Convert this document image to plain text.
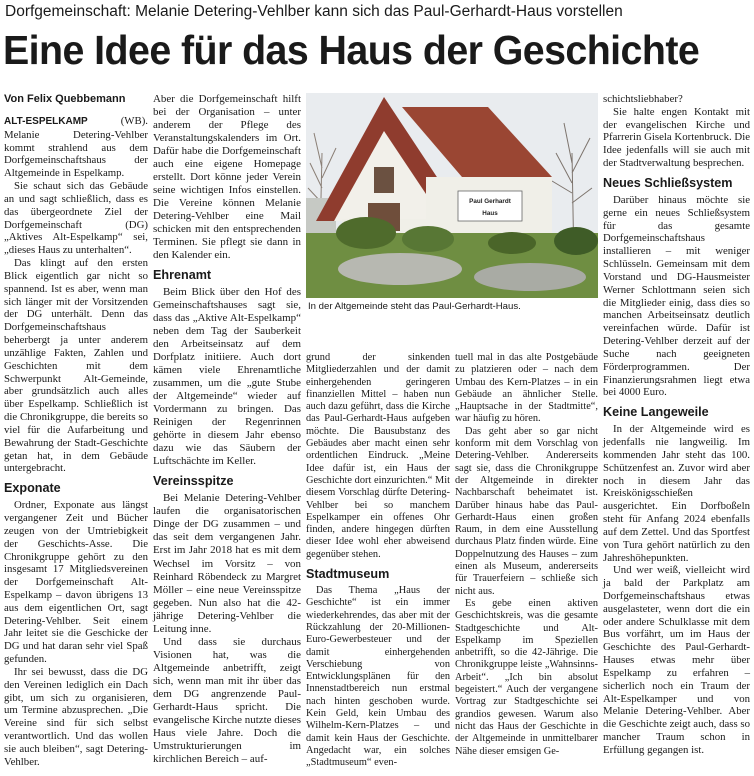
Dorfgemeinschaft: Melanie Detering-Vehlber kann sich das Paul-Gerhardt-Haus vorstellen
Eine Idee für das Haus der Geschichte
Von Felix Quebbemann

ALT-ESPELKAMP (WB). Melanie Detering-Vehlber kommt strahlend aus dem Dorfgemeinschaftshaus der Altgemeinde in Espelkamp.

Sie schaut sich das Gebäude an und sagt schließlich, dass es das übergeordnete Ziel der Dorfgemeinschaft (DG) „Aktives Alt-Espelkamp“ sei, „dieses Haus zu unterhalten“.

Das klingt auf den ersten Blick eigentlich gar nicht so spannend. Ist es aber, wenn man sich länger mit der Vorsitzenden der DG unterhält. Denn das Dorfgemeinschaftshaus beherbergt ja unter anderem unzählige Fakten, Zahlen und Geschichten mit dem Schwerpunkt Alt-Gemeinde, aber grundsätzlich auch alles über Espelkamp. Schließlich ist die Chronikgruppe, die bereits so viel für die Aufarbeitung und Bewahrung der Stadt-Geschichte getan hat, in dem Gebäude untergebracht.

Exponate

Ordner, Exponate aus längst vergangener Zeit und Bücher zeugen von der Umtriebigkeit der Geschichts-Asse. Die Chronikgruppe gehört zu den insgesamt 17 Mitgliedsvereinen der Dorfgemeinschaft Alt-Espelkamp – davon übrigens 13 aus dem eigentlichen Ort, sagt Detering-Vehlber. Seit einem Jahr leitet sie die Geschicke der DG und hat daran sehr viel Spaß gefunden.

Ihr sei bewusst, dass die DG den Vereinen lediglich ein Dach gibt, um sich zu organisieren, um Termine abzusprechen. „Die Vereine sind für sich selbst verantwortlich. Und das wollen sie auch bleiben“, sagt Detering-Vehlber.

Aber die Dorfgemeinschaft hilft bei der Organisation – unter anderem der Pflege des Veranstaltungskalenders im Ort. Dafür habe die Dorfgemeinschaft auch eine eigene Homepage erstellt. Dort könne jeder Verein seine wichtigen Infos einstellen. Die Vereine können Melanie Detering-Vehlber eine Mail schicken mit den entsprechenden Terminen. Sie pflegt sie dann in den Kalender ein.

Ehrenamt

Beim Blick über den Hof des Gemeinschaftshauses sagt sie, dass das „Aktive Alt-Espelkamp“ neben dem Tag der Sauberkeit den Arbeitseinsatz auf dem Dorfplatz initiiere. Auch dort kämen viele Ehrenamtliche zusammen, um die „gute Stube der Altgemeinde“ wieder auf Vordermann zu bringen. Das Reinigen der Regenrinnen gehörte in diesem Jahr ebenso dazu wie das Säubern der Luftschächte im Keller.

Vereinsspitze

Bei Melanie Detering-Vehlber laufen die organisatorischen Dinge der DG zusammen – und das seit dem vergangenen Jahr. Erst im Jahr 2018 hat es mit dem Wechsel im Vorsitz – von Reinhard Röbendeck zu Margret Möller – eine neue Vereinsspitze gegeben. Nun also hat die 42-jährige Detering-Vehlber die Leitung inne.

Und dass sie durchaus Visionen hat, was die Altgemeinde anbetrifft, zeigt sich, wenn man mit ihr über das dem DG angrenzende Paul-Gerhardt-Haus spricht. Die evangelische Kirche nutzte dieses Haus viele Jahre. Doch die Umstrukturierungen im kirchlichen Bereich – auf-

Paul Gerhardt
Haus
In der Altgemeinde steht das Paul-Gerhardt-Haus.

grund der sinkenden Mitgliederzahlen und der damit einhergehenden geringeren finanziellen Mittel – haben nun auch dazu geführt, dass die Kirche das Paul-Gerhardt-Haus aufgeben möchte. Die Bausubstanz des Gebäudes aber macht einen sehr ordentlichen Eindruck. „Meine Idee dafür ist, ein Haus der Geschichte dort einzurichten.“ Mit diesem Vorschlag dürfte Detering-Vehlber bei so manchem Espelkamper ein offenes Ohr finden, andere hingegen dürften dieser Idee wohl eher abweisend gegenüber stehen.

Stadtmuseum

Das Thema „Haus der Geschichte“ ist ein immer wiederkehrendes, das aber mit der Rückzahlung der 20-Millionen-Euro-Gewerbesteuer und der damit einhergehenden Verschiebung von Entwicklungsplänen für den Innenstadtbereich nun erstmal nach hinten geschoben wurde. Kein Geld, kein Umbau des Wilhelm-Kern-Platzes – und damit kein Haus der Geschichte. Angedacht war, ein solches „Stadtmuseum“ even-

tuell mal in das alte Postgebäude zu platzieren oder – nach dem Umbau des Kern-Platzes – in ein Gebäude an ähnlicher Stelle. „Hauptsache in der Stadtmitte“, war häufig zu hören.

Das geht aber so gar nicht konform mit dem Vorschlag von Detering-Vehlber. Andererseits sagt sie, dass die Chronikgruppe der Altgemeinde in direkter Nachbarschaft beheimatet ist. Darüber hinaus habe das Paul-Gerhardt-Haus einen großen Raum, in dem eine Ausstellung durchaus Platz finden würde. Eine Doppelnutzung des Hauses – zum einen als Museum, andererseits für Trauerfeiern – schließe sich nicht aus.

Es gebe einen aktiven Geschichtskreis, was die gesamte Stadtgeschichte und Alt-Espelkamp im Speziellen anbetrifft, so die 42-Jährige. Die Chronikgruppe leiste „Wahnsinns-Arbeit“. „Ich bin absolut begeistert.“ Auch der vergangene Vortrag zur Stadtgeschichte sei grandios gewesen. Warum also nicht das Haus der Geschichte in der Altgemeinde in unmittelbarer Nähe dieser emsigen Ge-

schichtsliebhaber?

Sie halte engen Kontakt mit der evangelischen Kirche und Pfarrerin Gisela Kortenbruck. Die Idee jedenfalls will sie auch mit der Stadtverwaltung besprechen.

Neues Schließsystem

Darüber hinaus möchte sie gerne ein neues Schließsystem für das gesamte Dorfgemeinschaftshaus installieren – mit weniger Schlüsseln. Gemeinsam mit dem Vorstand und DG-Hausmeister Werner Schlottmann seien sich die Mitglieder einig, dass dies so manchen Arbeitseinsatz deutlich vereinfachen würde. Dafür ist Detering-Vehlber derzeit auf der Suche nach geeigneten Förderprogrammen. Der Finanzierungsrahmen liegt etwa bei 4000 Euro.

Keine Langeweile

In der Altgemeinde wird es jedenfalls nie langweilig. Im kommenden Jahr steht das 100. Schützenfest an. Zuvor wird aber noch in diesem Jahr das Kreiskönigsschießen ausgerichtet. Ein Dorfboßeln steht für Anfang 2024 ebenfalls auf dem Zettel. Und das Sportfest von Tura gehört natürlich zu den Jahreshöhepunkten.

Und wer weiß, vielleicht wird ja bald der Parkplatz am Dorfgemeinschaftshaus etwas ausgelasteter, wenn dort die ein oder andere Schulklasse mit dem Bus vorfährt, um im Haus der Geschichte des Paul-Gerhardt-Hauses etwas mehr über Espelkamp zu erfahren – sicherlich noch ein Traum der Alt-Espelkamper und von Melanie Detering-Vehlber. Aber die Geschichte zeigt auch, dass so mancher Traum schon in Erfüllung gegangen ist.
